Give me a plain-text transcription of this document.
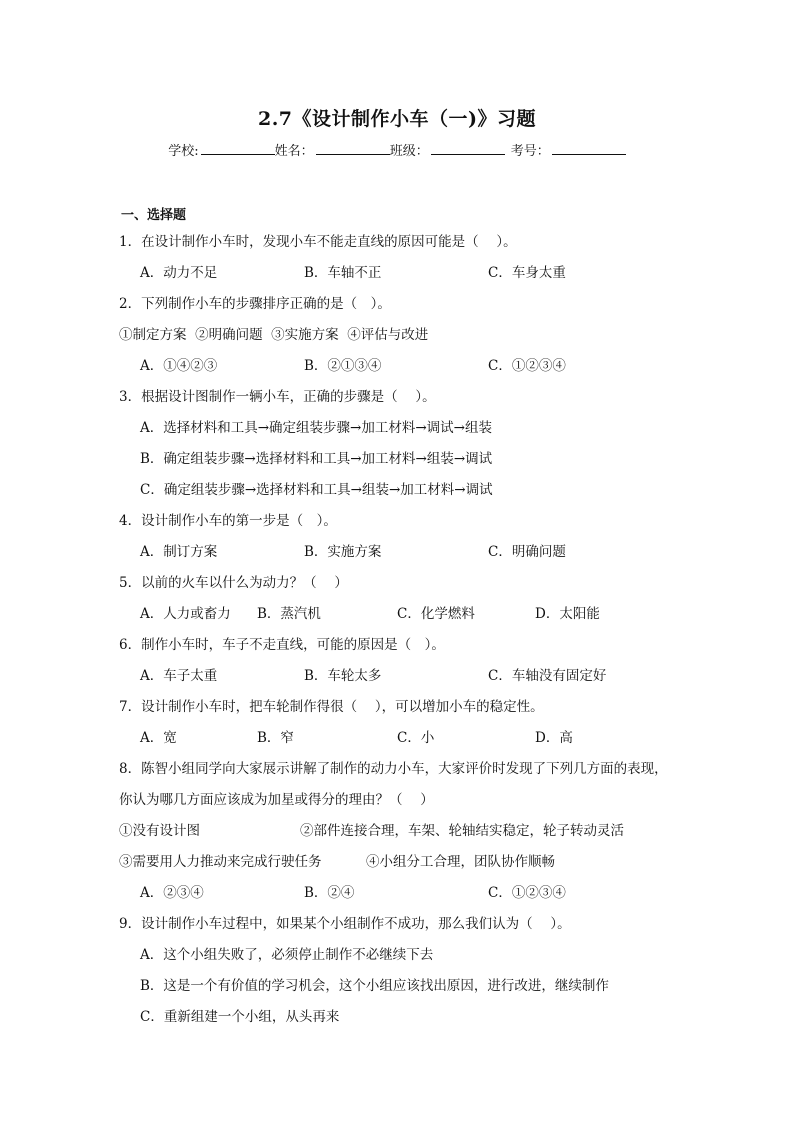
2.7《设计制作小车（一)》习题
学校:	姓名：	班级：	考号：
一、选择题
1．在设计制作小车时，发现小车不能走直线的原因可能是（　 ）。
A．动力不足	B．车轴不正	C．车身太重
2．下列制作小车的步骤排序正确的是（　）。
①制定方案  ②明确问题  ③实施方案  ④评估与改进
A．①④②③	B．②①③④	C．①②③④
3．根据设计图制作一辆小车，正确的步骤是（　 ）。
A．选择材料和工具→确定组装步骤→加工材料→调试→组装
B．确定组装步骤→选择材料和工具→加工材料→组装→调试
C．确定组装步骤→选择材料和工具→组装→加工材料→调试
4．设计制作小车的第一步是（　）。
A．制订方案	B．实施方案	C．明确问题
5．以前的火车以什么为动力？（　 ）
A．人力或畜力 B．蒸汽机	C．化学燃料	D．太阳能
6．制作小车时，车子不走直线，可能的原因是（　）。
A．车子太重	B．车轮太多	C．车轴没有固定好
7．设计制作小车时，把车轮制作得很（　 ），可以增加小车的稳定性。
A．宽	B．窄	C．小	D．高
8．陈智小组同学向大家展示讲解了制作的动力小车，大家评价时发现了下列几方面的表现，
你认为哪几方面应该成为加星或得分的理由？（　 ）
①没有设计图	②部件连接合理，车架、轮轴结实稳定，轮子转动灵活
③需要用人力推动来完成行驶任务	④小组分工合理，团队协作顺畅
A．②③④	B．②④	C．①②③④
9．设计制作小车过程中，如果某个小组制作不成功，那么我们认为（　 ）。
A．这个小组失败了，必须停止制作不必继续下去
B．这是一个有价值的学习机会，这个小组应该找出原因，进行改进，继续制作
C．重新组建一个小组，从头再来
